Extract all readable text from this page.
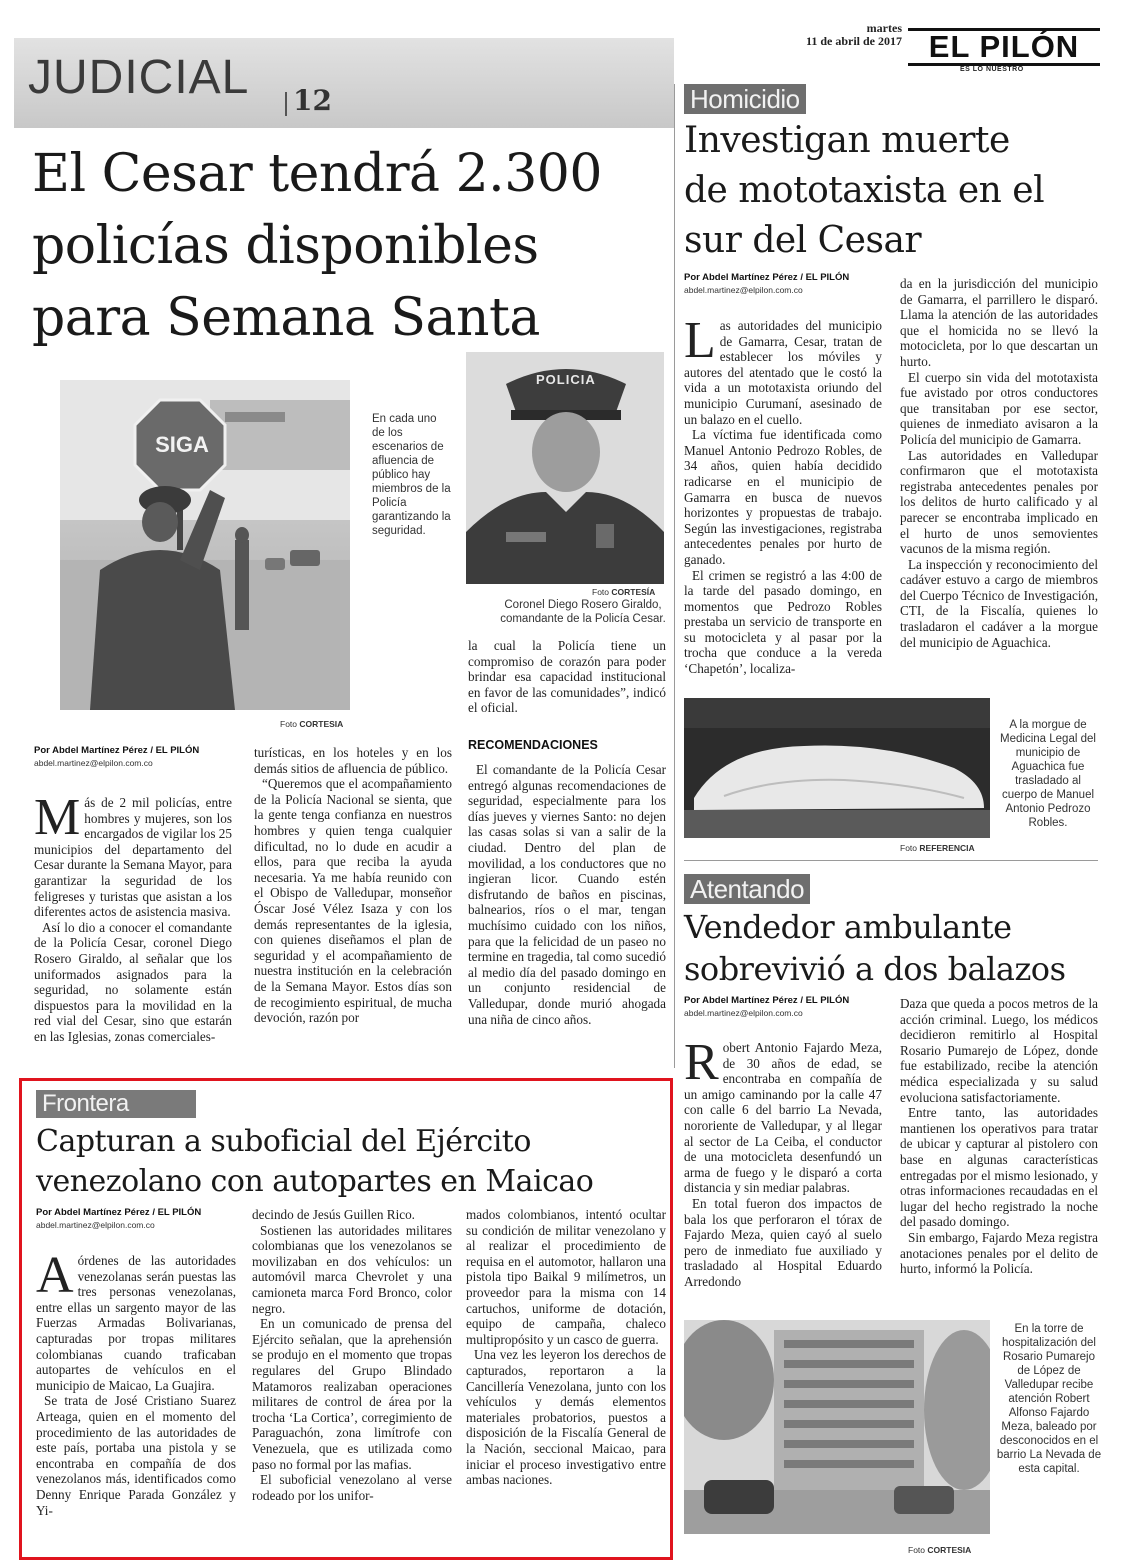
martes
11 de abril de 2017 EL PILÓN
ES LO NUESTRO
JUDICIAL 12
El Cesar tendrá 2.300
policías disponibles
para Semana Santa
SIGA
En cada uno de los escenarios de afluencia de público hay miembros de la Policía garantizando la seguridad.
Foto CORTESIA
POLICIA
Foto CORTESÍA
Coronel Diego Rosero Giraldo, comandante de la Policía Cesar.
Por Abdel Martínez Pérez / EL PILÓN
abdel.martinez@elpilon.com.co

Más de 2 mil policías, entre hombres y mujeres, son los encargados de vigilar los 25 municipios del departamento del Cesar durante la Semana Mayor, para garantizar la seguridad de los feligreses y turistas que asistan a los diferentes actos de asistencia masiva.

Así lo dio a conocer el comandante de la Policía Cesar, coronel Diego Rosero Giraldo, al señalar que los uniformados asignados para la seguridad, no solamente están dispuestos para la movilidad en la red vial del Cesar, sino que estarán en las Iglesias, zonas comerciales-

turísticas, en los hoteles y en los demás sitios de afluencia de público.

“Queremos que el acompañamiento de la Policía Nacional se sienta, que la gente tenga confianza en nuestros hombres y quien tenga cualquier dificultad, no lo dude en acudir a ellos, para que reciba la ayuda necesaria. Ya me había reunido con el Obispo de Valledupar, monseñor Óscar José Vélez Isaza y con los demás representantes de la iglesia, con quienes diseñamos el plan de seguridad y el acompañamiento de nuestra institución en la celebración de la Semana Mayor. Estos días son de recogimiento espiritual, de mucha devoción, razón por

la cual la Policía tiene un compromiso de corazón para poder brindar esa capacidad institucional en favor de las comunidades”, indicó el oficial.

RECOMENDACIONES

El comandante de la Policía Cesar entregó algunas recomendaciones de seguridad, especialmente para los días jueves y viernes Santo: no dejen las casas solas si van a salir de la ciudad. Dentro del plan de movilidad, a los conductores que no ingieran licor. Cuando estén disfrutando de baños en piscinas, balnearios, ríos o el mar, tengan muchísimo cuidado con los niños, para que la felicidad de un paseo no termine en tragedia, tal como sucedió al medio día del pasado domingo en un conjunto residencial de Valledupar, donde murió ahogada una niña de cinco años.

Homicidio
Investigan muerte
de mototaxista en el
sur del Cesar
Por Abdel Martínez Pérez / EL PILÓN
abdel.martinez@elpilon.com.co

Las autoridades del municipio de Gamarra, Cesar, tratan de establecer los móviles y autores del atentado que le costó la vida a un mototaxista oriundo del municipio Curumaní, asesinado de un balazo en el cuello.

La víctima fue identificada como Manuel Antonio Pedrozo Robles, de 34 años, quien había decidido radicarse en el municipio de Gamarra en busca de nuevos horizontes y propuestas de trabajo. Según las investigaciones, registraba antecedentes penales por hurto de ganado.

El crimen se registró a las 4:00 de la tarde del pasado domingo, en momentos que Pedrozo Robles prestaba un servicio de transporte en su motocicleta y al pasar por la trocha que conduce a la vereda ‘Chapetón’, localiza-

da en la jurisdicción del municipio de Gamarra, el parrillero le disparó. Llama la atención de las autoridades que el homicida no se llevó la motocicleta, por lo que descartan un hurto.

El cuerpo sin vida del mototaxista fue avistado por otros conductores que transitaban por ese sector, quienes de inmediato avisaron a la Policía del municipio de Gamarra.

Las autoridades en Valledupar confirmaron que el mototaxista registraba antecedentes penales por los delitos de hurto calificado y al parecer se encontraba implicado en el hurto de unos semovientes vacunos de la misma región.

La inspección y reconocimiento del cadáver estuvo a cargo de miembros del Cuerpo Técnico de Investigación, CTI, de la Fiscalía, quienes lo trasladaron el cadáver a la morgue del municipio de Aguachica.

A la morgue de Medicina Legal del municipio de Aguachica fue trasladado al cuerpo de Manuel Antonio Pedrozo Robles.
Foto REFERENCIA
Atentando
Vendedor ambulante
sobrevivió a dos balazos
Por Abdel Martínez Pérez / EL PILÓN
abdel.martinez@elpilon.com.co

Robert Antonio Fajardo Meza, de 30 años de edad, se encontraba en compañía de un amigo caminando por la calle 47 con calle 6 del barrio La Nevada, nororiente de Valledupar, y al llegar al sector de La Ceiba, el conductor de una motocicleta desenfundó un arma de fuego y le disparó a corta distancia y sin mediar palabras.

En total fueron dos impactos de bala los que perforaron el tórax de Fajardo Meza, quien cayó al suelo pero de inmediato fue auxiliado y trasladado al Hospital Eduardo Arredondo

Daza que queda a pocos metros de la acción criminal. Luego, los médicos decidieron remitirlo al Hospital Rosario Pumarejo de López, donde fue estabilizado, recibe la atención médica especializada y su salud evoluciona satisfactoriamente.

Entre tanto, las autoridades mantienen los operativos para tratar de ubicar y capturar al pistolero con base en algunas características entregadas por el mismo lesionado, y otras informaciones recaudadas en el lugar del hecho registrado la noche del pasado domingo.

Sin embargo, Fajardo Meza registra anotaciones penales por el delito de hurto, informó la Policía.

En la torre de hospitalización del Rosario Pumarejo de López de Valledupar recibe atención Robert Alfonso Fajardo Meza, baleado por desconocidos en el barrio La Nevada de esta capital.
Foto CORTESIA
Frontera
Capturan a suboficial del Ejército
venezolano con autopartes en Maicao
Por Abdel Martínez Pérez / EL PILÓN
abdel.martinez@elpilon.com.co

Aórdenes de las autoridades venezolanas serán puestas las tres personas venezolanas, entre ellas un sargento mayor de las Fuerzas Armadas Bolivarianas, capturadas por tropas militares colombianas cuando traficaban autopartes de vehículos en el municipio de Maicao, La Guajira.

Se trata de José Cristiano Suarez Arteaga, quien en el momento del procedimiento de las autoridades de este país, portaba una pistola y se encontraba en compañía de dos venezolanos más, identificados como Denny Enrique Parada González y Yi-

decindo de Jesús Guillen Rico.

Sostienen las autoridades militares colombianas que los venezolanos se movilizaban en dos vehículos: un automóvil marca Chevrolet y una camioneta marca Ford Bronco, color negro.

En un comunicado de prensa del Ejército señalan, que la aprehensión se produjo en el momento que tropas regulares del Grupo Blindado Matamoros realizaban operaciones militares de control de área por la trocha ‘La Cortica’, corregimiento de Paraguachón, zona limítrofe con Venezuela, que es utilizada como paso no formal por las mafias.

El suboficial venezolano al verse rodeado por los unifor-

mados colombianos, intentó ocultar su condición de militar venezolano y al realizar el procedimiento de requisa en el automotor, hallaron una pistola tipo Baikal 9 milímetros, un proveedor para la misma con 14 cartuchos, uniforme de dotación, equipo de campaña, chaleco multipropósito y un casco de guerra.

Una vez les leyeron los derechos de capturados, reportaron a la Cancillería Venezolana, junto con los vehículos y demás elementos materiales probatorios, puestos a disposición de la Fiscalía General de la Nación, seccional Maicao, para iniciar el proceso investigativo entre ambas naciones.
